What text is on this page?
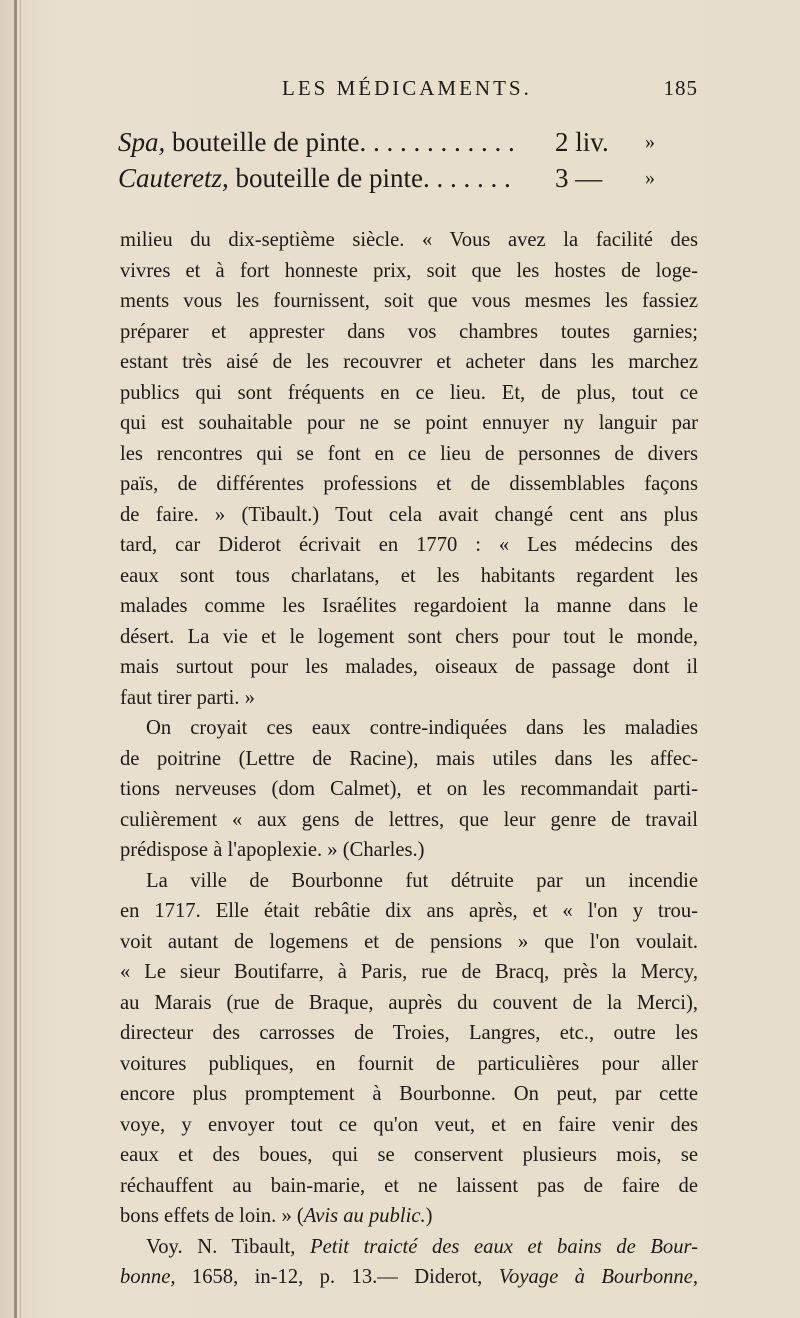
LES MÉDICAMENTS.	185
Spa, bouteille de pinte. . . . . . . . . . . . 2 liv. »
Cauteretz, bouteille de pinte. . . . . . . 3 — »

milieu du dix-septième siècle. « Vous avez la facilité des
vivres et à fort honneste prix, soit que les hostes de loge-
ments vous les fournissent, soit que vous mesmes les fassiez
préparer et apprester dans vos chambres toutes garnies;
estant très aisé de les recouvrer et acheter dans les marchez
publics qui sont fréquents en ce lieu. Et, de plus, tout ce
qui est souhaitable pour ne se point ennuyer ny languir par
les rencontres qui se font en ce lieu de personnes de divers
païs, de différentes professions et de dissemblables façons
de faire. » (Tibault.) Tout cela avait changé cent ans plus
tard, car Diderot écrivait en 1770 : « Les médecins des
eaux sont tous charlatans, et les habitants regardent les
malades comme les Israélites regardoient la manne dans le
désert. La vie et le logement sont chers pour tout le monde,
mais surtout pour les malades, oiseaux de passage dont il
faut tirer parti. »

On croyait ces eaux contre-indiquées dans les maladies
de poitrine (Lettre de Racine), mais utiles dans les affec-
tions nerveuses (dom Calmet), et on les recommandait parti-
culièrement « aux gens de lettres, que leur genre de travail
prédispose à l'apoplexie. » (Charles.)

La ville de Bourbonne fut détruite par un incendie
en 1717. Elle était rebâtie dix ans après, et « l'on y trou-
voit autant de logemens et de pensions » que l'on voulait.
« Le sieur Boutifarre, à Paris, rue de Bracq, près la Mercy,
au Marais (rue de Braque, auprès du couvent de la Merci),
directeur des carrosses de Troies, Langres, etc., outre les
voitures publiques, en fournit de particulières pour aller
encore plus promptement à Bourbonne. On peut, par cette
voye, y envoyer tout ce qu'on veut, et en faire venir des
eaux et des boues, qui se conservent plusieurs mois, se
réchauffent au bain-marie, et ne laissent pas de faire de
bons effets de loin. » (Avis au public.)

Voy. N. Tibault, Petit traicté des eaux et bains de Bour-
bonne, 1658, in-12, p. 13.— Diderot, Voyage à Bourbonne,
